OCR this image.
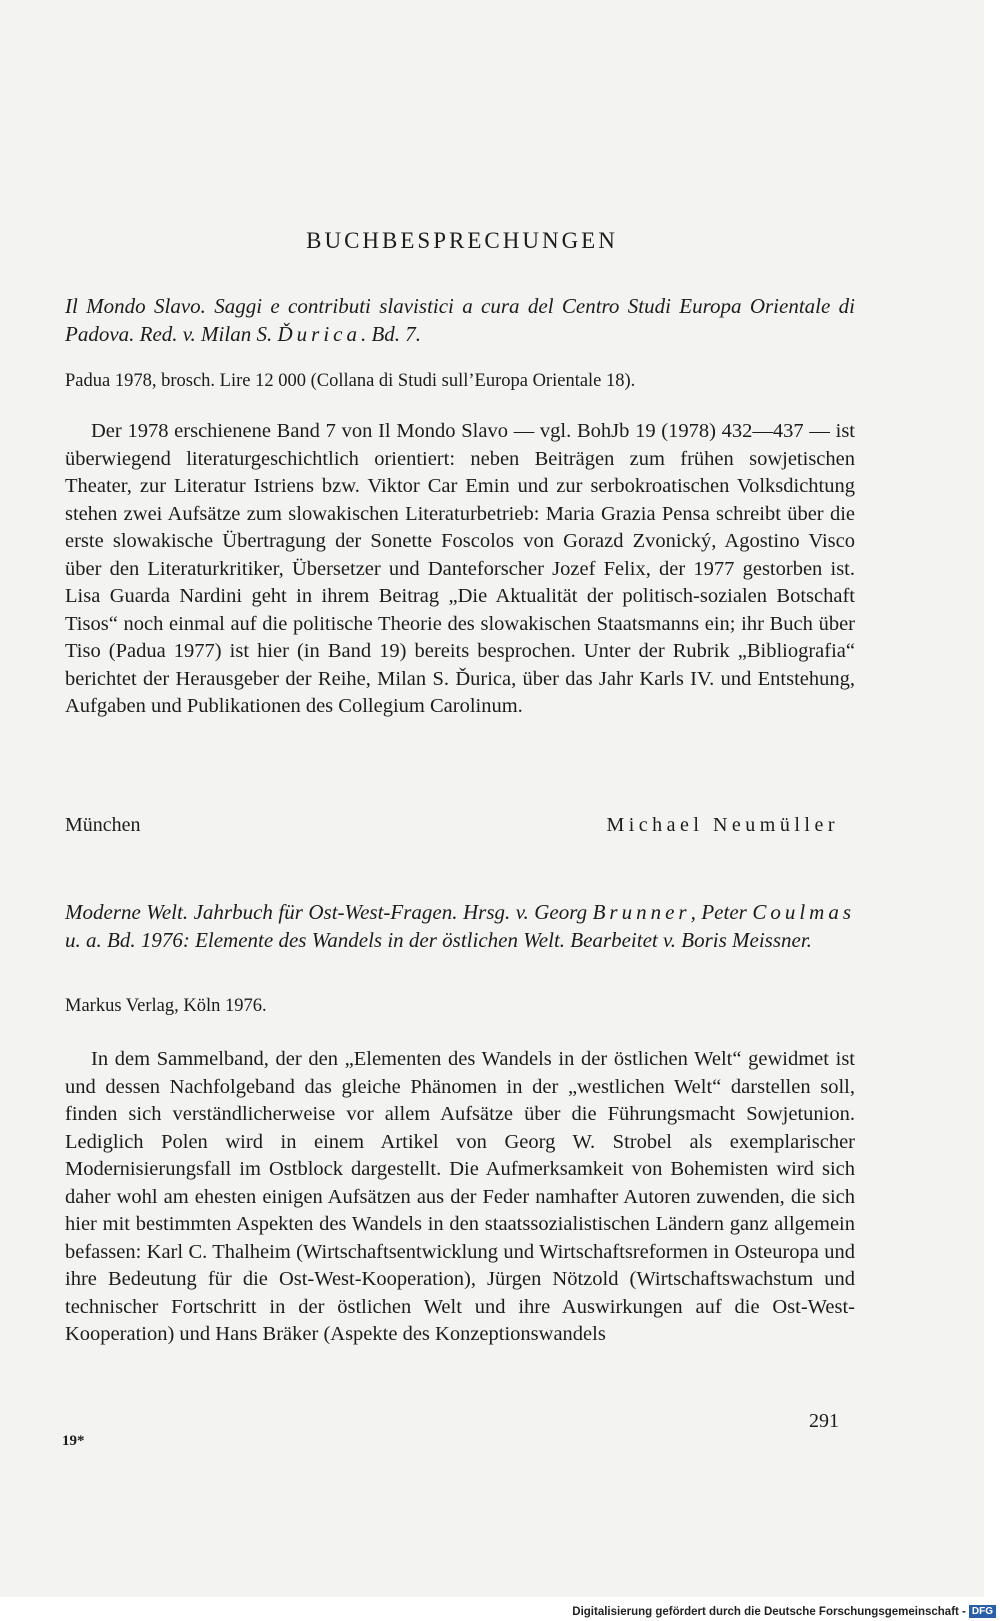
BUCHBESPRECHUNGEN
Il Mondo Slavo. Saggi e contributi slavistici a cura del Centro Studi Europa Orientale di Padova. Red. v. Milan S. Ďurica. Bd. 7.
Padua 1978, brosch. Lire 12 000 (Collana di Studi sull’Europa Orientale 18).

Der 1978 erschienene Band 7 von Il Mondo Slavo — vgl. BohJb 19 (1978) 432—437 — ist überwiegend literaturgeschichtlich orientiert: neben Beiträgen zum frühen sowjetischen Theater, zur Literatur Istriens bzw. Viktor Car Emin und zur serbokroatischen Volksdichtung stehen zwei Aufsätze zum slowakischen Literaturbetrieb: Maria Grazia Pensa schreibt über die erste slowakische Übertragung der Sonette Foscolos von Gorazd Zvonický, Agostino Visco über den Literaturkritiker, Übersetzer und Danteforscher Jozef Felix, der 1977 gestorben ist. Lisa Guarda Nardini geht in ihrem Beitrag „Die Aktualität der politisch-sozialen Botschaft Tisos“ noch einmal auf die politische Theorie des slowakischen Staatsmanns ein; ihr Buch über Tiso (Padua 1977) ist hier (in Band 19) bereits besprochen. Unter der Rubrik „Bibliografia“ berichtet der Herausgeber der Reihe, Milan S. Ďurica, über das Jahr Karls IV. und Entstehung, Aufgaben und Publikationen des Collegium Carolinum.

München	Michael Neumüller
Moderne Welt. Jahrbuch für Ost-West-Fragen. Hrsg. v. Georg Brunner, Peter Coulmas u. a. Bd. 1976: Elemente des Wandels in der östlichen Welt. Bearbeitet v. Boris Meissner.
Markus Verlag, Köln 1976.

In dem Sammelband, der den „Elementen des Wandels in der östlichen Welt“ gewidmet ist und dessen Nachfolgeband das gleiche Phänomen in der „westlichen Welt“ darstellen soll, finden sich verständlicherweise vor allem Aufsätze über die Führungsmacht Sowjetunion. Lediglich Polen wird in einem Artikel von Georg W. Strobel als exemplarischer Modernisierungsfall im Ostblock dargestellt. Die Aufmerksamkeit von Bohemisten wird sich daher wohl am ehesten einigen Aufsätzen aus der Feder namhafter Autoren zuwenden, die sich hier mit bestimmten Aspekten des Wandels in den staatssozialistischen Ländern ganz allgemein befassen: Karl C. Thalheim (Wirtschaftsentwicklung und Wirtschaftsreformen in Osteuropa und ihre Bedeutung für die Ost-West-Kooperation), Jürgen Nötzold (Wirtschaftswachstum und technischer Fortschritt in der östlichen Welt und ihre Auswirkungen auf die Ost-West-Kooperation) und Hans Bräker (Aspekte des Konzeptionswandels

291
19*
Digitalisierung gefördert durch die Deutsche Forschungsgemeinschaft - DFG
